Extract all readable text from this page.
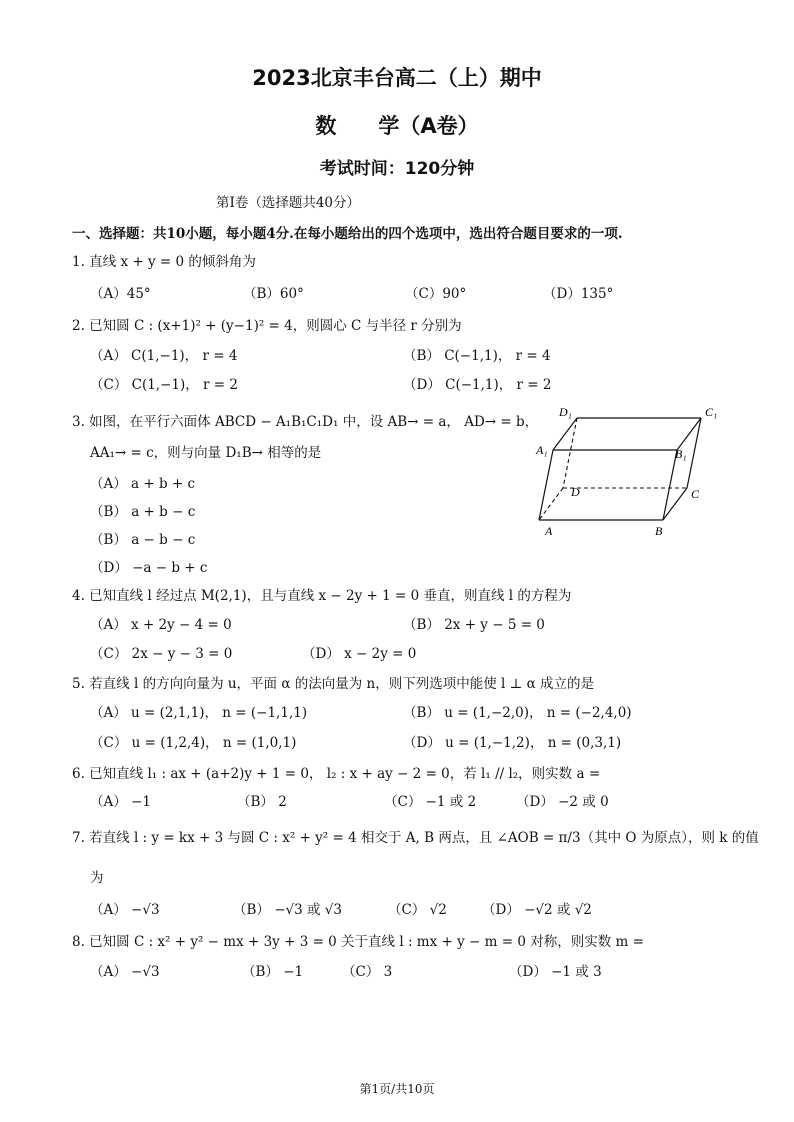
2023北京丰台高二（上）期中
数　　学（A卷）
考试时间：120分钟
第Ⅰ卷（选择题共40分）
一、选择题：共10小题，每小题4分.在每小题给出的四个选项中，选出符合题目要求的一项.
1. 直线 x + y = 0 的倾斜角为
（A）45°	（B）60°	（C）90°	（D）135°
2. 已知圆 C : (x+1)² + (y−1)² = 4，则圆心 C 与半径 r 分别为
（A） C(1,−1)， r = 4	（B） C(−1,1)， r = 4
（C） C(1,−1)， r = 2	（D） C(−1,1)， r = 2
3. 如图，在平行六面体 ABCD − A₁B₁C₁D₁ 中，设 AB→ = a， AD→ = b，
AA₁→ = c，则与向量 D₁B→ 相等的是
（A） a + b + c
（B） a + b − c
（B） a − b − c
（D） −a − b + c
D₁	C₁
A₁	B₁
D	C
A	B
4. 已知直线 l 经过点 M(2,1)，且与直线 x − 2y + 1 = 0 垂直，则直线 l 的方程为
（A） x + 2y − 4 = 0	（B） 2x + y − 5 = 0
（C） 2x − y − 3 = 0	（D） x − 2y = 0
5. 若直线 l 的方向向量为 u，平面 α 的法向量为 n，则下列选项中能使 l ⊥ α 成立的是
（A） u = (2,1,1)， n = (−1,1,1)	（B） u = (1,−2,0)， n = (−2,4,0)
（C） u = (1,2,4)， n = (1,0,1)	（D） u = (1,−1,2)， n = (0,3,1)
6. 已知直线 l₁ : ax + (a+2)y + 1 = 0， l₂ : x + ay − 2 = 0，若 l₁ // l₂，则实数 a =
（A） −1	（B） 2	（C） −1 或 2	（D） −2 或 0
7. 若直线 l : y = kx + 3 与圆 C : x² + y² = 4 相交于 A, B 两点，且 ∠AOB = π/3（其中 O 为原点），则 k 的值
为
（A） −√3	（B） −√3 或 √3	（C） √2	（D） −√2 或 √2
8. 已知圆 C : x² + y² − mx + 3y + 3 = 0 关于直线 l : mx + y − m = 0 对称，则实数 m =
（A） −√3	（B） −1	（C） 3	（D） −1 或 3
第1页/共10页
